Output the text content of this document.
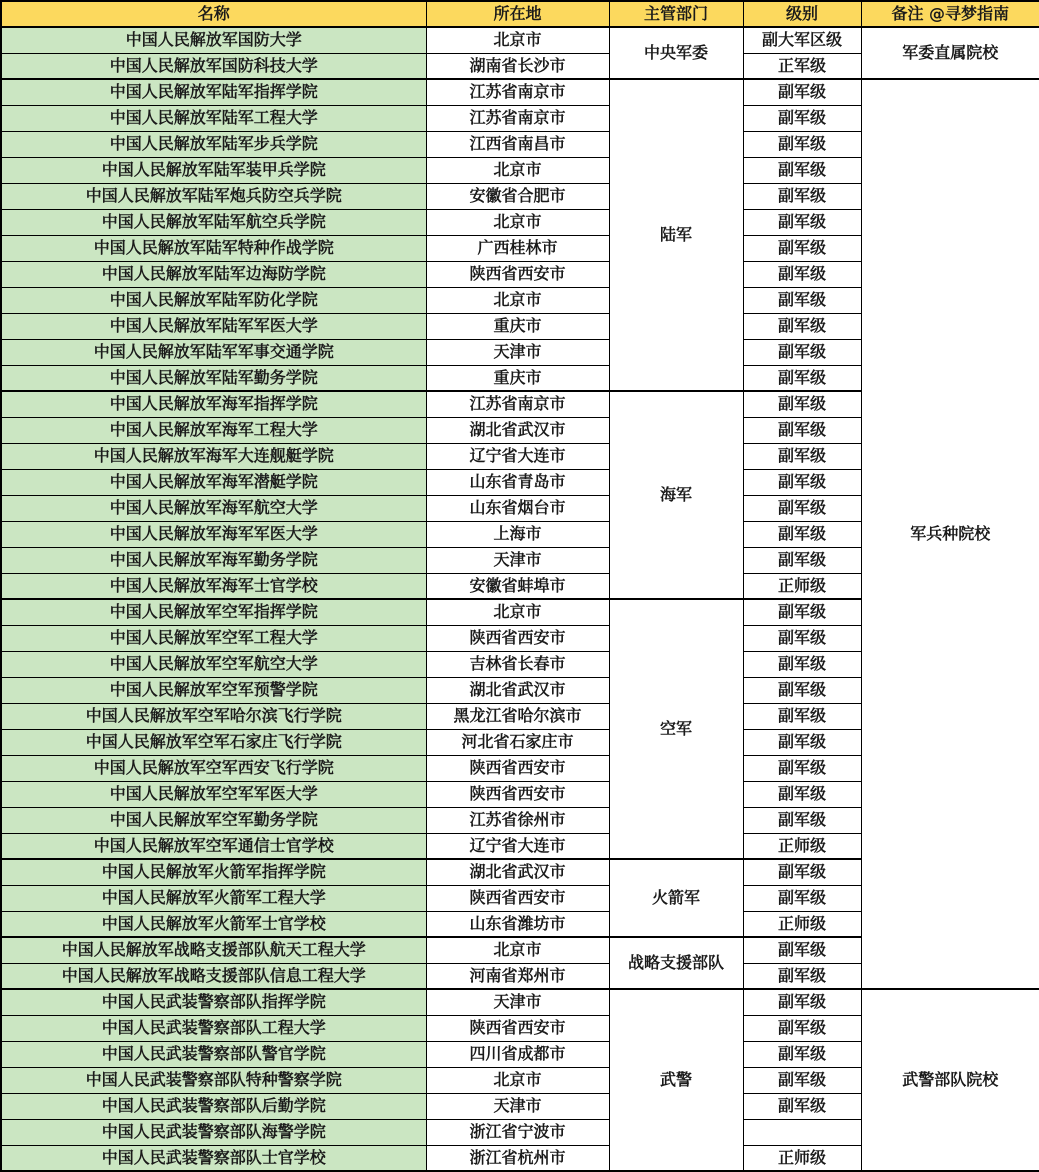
名称	所在地	主管部门	级别	备注 @寻梦指南
中国人民解放军国防大学	北京市	中央军委	副大军区级	军委直属院校
中国人民解放军国防科技大学	湖南省长沙市		正军级	
中国人民解放军陆军指挥学院	江苏省南京市	陆军	副军级	军兵种院校
中国人民解放军陆军工程大学	江苏省南京市		副军级	
中国人民解放军陆军步兵学院	江西省南昌市		副军级	
中国人民解放军陆军装甲兵学院	北京市		副军级	
中国人民解放军陆军炮兵防空兵学院	安徽省合肥市		副军级	
中国人民解放军陆军航空兵学院	北京市		副军级	
中国人民解放军陆军特种作战学院	广西桂林市		副军级	
中国人民解放军陆军边海防学院	陕西省西安市		副军级	
中国人民解放军陆军防化学院	北京市		副军级	
中国人民解放军陆军军医大学	重庆市		副军级	
中国人民解放军陆军军事交通学院	天津市		副军级	
中国人民解放军陆军勤务学院	重庆市		副军级	
中国人民解放军海军指挥学院	江苏省南京市	海军	副军级	
中国人民解放军海军工程大学	湖北省武汉市		副军级	
中国人民解放军海军大连舰艇学院	辽宁省大连市		副军级	
中国人民解放军海军潜艇学院	山东省青岛市		副军级	
中国人民解放军海军航空大学	山东省烟台市		副军级	
中国人民解放军海军军医大学	上海市		副军级	
中国人民解放军海军勤务学院	天津市		副军级	
中国人民解放军海军士官学校	安徽省蚌埠市		正师级	
中国人民解放军空军指挥学院	北京市	空军	副军级	
中国人民解放军空军工程大学	陕西省西安市		副军级	
中国人民解放军空军航空大学	吉林省长春市		副军级	
中国人民解放军空军预警学院	湖北省武汉市		副军级	
中国人民解放军空军哈尔滨飞行学院	黑龙江省哈尔滨市		副军级	
中国人民解放军空军石家庄飞行学院	河北省石家庄市		副军级	
中国人民解放军空军西安飞行学院	陕西省西安市		副军级	
中国人民解放军空军军医大学	陕西省西安市		副军级	
中国人民解放军空军勤务学院	江苏省徐州市		副军级	
中国人民解放军空军通信士官学校	辽宁省大连市		正师级	
中国人民解放军火箭军指挥学院	湖北省武汉市	火箭军	副军级	
中国人民解放军火箭军工程大学	陕西省西安市		副军级	
中国人民解放军火箭军士官学校	山东省潍坊市		正师级	
中国人民解放军战略支援部队航天工程大学	北京市	战略支援部队	副军级	
中国人民解放军战略支援部队信息工程大学	河南省郑州市		副军级	
中国人民武装警察部队指挥学院	天津市	武警	副军级	武警部队院校
中国人民武装警察部队工程大学	陕西省西安市		副军级	
中国人民武装警察部队警官学院	四川省成都市		副军级	
中国人民武装警察部队特种警察学院	北京市		副军级	
中国人民武装警察部队后勤学院	天津市		副军级	
中国人民武装警察部队海警学院	浙江省宁波市			
中国人民武装警察部队士官学校	浙江省杭州市		正师级	
